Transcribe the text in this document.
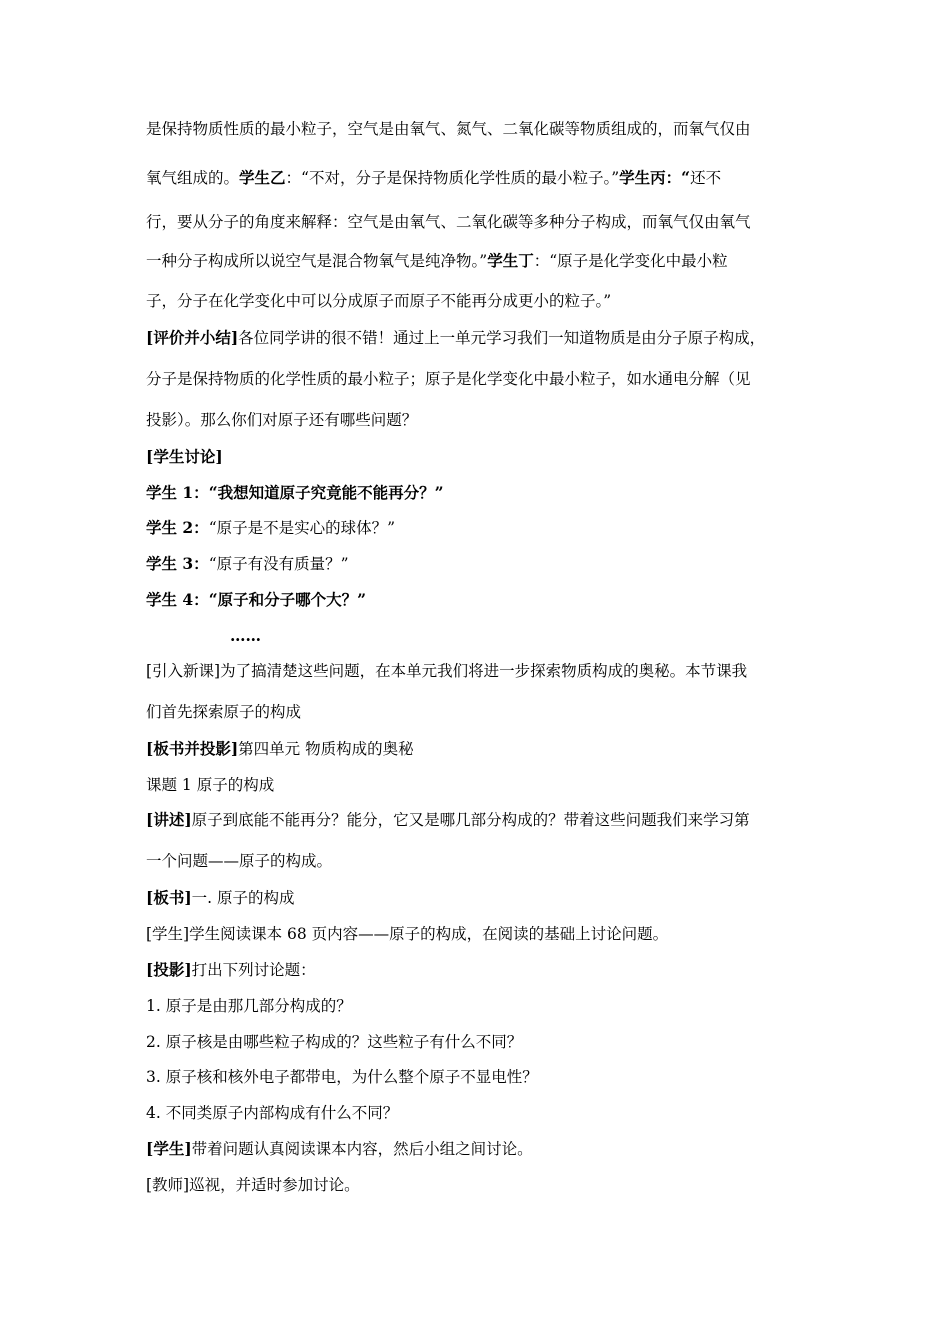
是保持物质性质的最小粒子，空气是由氧气、氮气、二氧化碳等物质组成的，而氧气仅由
氧气组成的。学生乙：“不对，分子是保持物质化学性质的最小粒子。”学生丙：“还不
行，要从分子的角度来解释：空气是由氧气、二氧化碳等多种分子构成，而氧气仅由氧气
一种分子构成所以说空气是混合物氧气是纯净物。”学生丁：“原子是化学变化中最小粒
子，分子在化学变化中可以分成原子而原子不能再分成更小的粒子。”
[评价并小结]各位同学讲的很不错！通过上一单元学习我们一知道物质是由分子原子构成，
分子是保持物质的化学性质的最小粒子；原子是化学变化中最小粒子，如水通电分解（见
投影）。那么你们对原子还有哪些问题？
[学生讨论]
学生 1：“我想知道原子究竟能不能再分？”
学生 2：“原子是不是实心的球体？”
学生 3：“原子有没有质量？”
学生 4：“原子和分子哪个大？”
……
[引入新课]为了搞清楚这些问题，在本单元我们将进一步探索物质构成的奥秘。本节课我
们首先探索原子的构成
[板书并投影]第四单元 物质构成的奥秘
课题 1 原子的构成
[讲述]原子到底能不能再分？能分，它又是哪几部分构成的？带着这些问题我们来学习第
一个问题——原子的构成。
[板书]一. 原子的构成
[学生]学生阅读课本 68 页内容——原子的构成，在阅读的基础上讨论问题。
[投影]打出下列讨论题：
1. 原子是由那几部分构成的？
2. 原子核是由哪些粒子构成的？这些粒子有什么不同？
3. 原子核和核外电子都带电，为什么整个原子不显电性？
4. 不同类原子内部构成有什么不同？
[学生]带着问题认真阅读课本内容，然后小组之间讨论。
[教师]巡视，并适时参加讨论。
